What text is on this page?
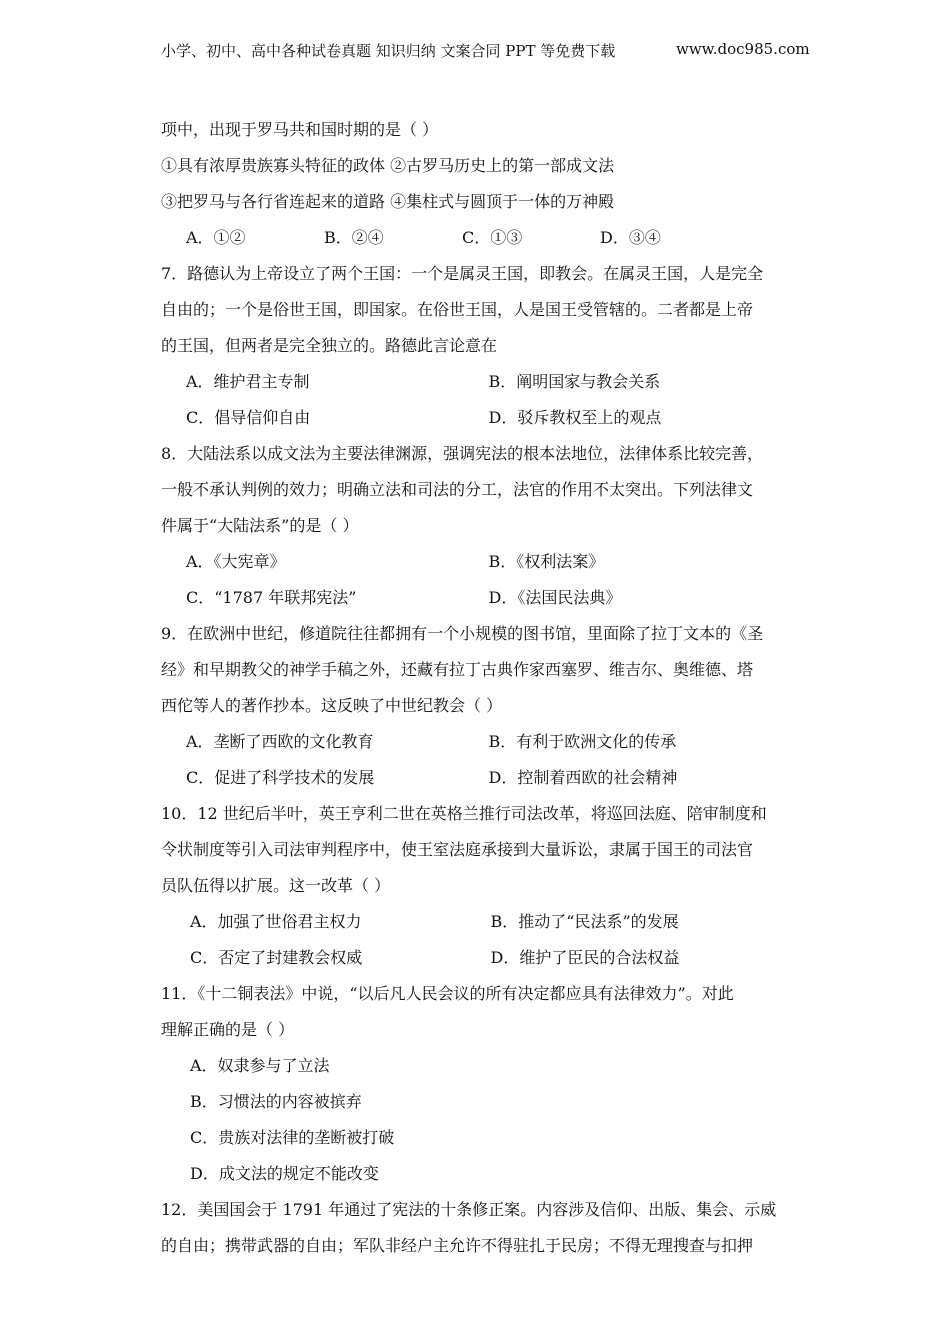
小学、初中、高中各种试卷真题 知识归纳 文案合同 PPT 等免费下载	www.doc985.com

项中，出现于罗马共和国时期的是（ ）

①具有浓厚贵族寡头特征的政体 ②古罗马历史上的第一部成文法

③把罗马与各行省连起来的道路 ④集柱式与圆顶于一体的万神殿

A．①②	B．②④	C．①③	D．③④

7．路德认为上帝设立了两个王国：一个是属灵王国，即教会。在属灵王国，人是完全

自由的；一个是俗世王国，即国家。在俗世王国，人是国王受管辖的。二者都是上帝

的王国，但两者是完全独立的。路德此言论意在

A．维护君主专制	B．阐明国家与教会关系
C．倡导信仰自由	D．驳斥教权至上的观点

8．大陆法系以成文法为主要法律渊源，强调宪法的根本法地位，法律体系比较完善，

一般不承认判例的效力；明确立法和司法的分工，法官的作用不太突出。下列法律文

件属于“大陆法系”的是（ ）

A．《大宪章》	B．《权利法案》
C．“1787 年联邦宪法”	D．《法国民法典》

9．在欧洲中世纪，修道院往往都拥有一个小规模的图书馆，里面除了拉丁文本的《圣

经》和早期教父的神学手稿之外，还藏有拉丁古典作家西塞罗、维吉尔、奥维德、塔

西佗等人的著作抄本。这反映了中世纪教会（ ）

A．垄断了西欧的文化教育	B．有利于欧洲文化的传承
C．促进了科学技术的发展	D．控制着西欧的社会精神

10．12 世纪后半叶，英王亨利二世在英格兰推行司法改革，将巡回法庭、陪审制度和

令状制度等引入司法审判程序中，使王室法庭承接到大量诉讼，隶属于国王的司法官

员队伍得以扩展。这一改革（ ）

A．加强了世俗君主权力	B．推动了“民法系”的发展
C．否定了封建教会权威	D．维护了臣民的合法权益

11．《十二铜表法》中说，“以后凡人民会议的所有决定都应具有法律效力”。对此

理解正确的是（ ）

A．奴隶参与了立法

B．习惯法的内容被摈弃

C．贵族对法律的垄断被打破

D．成文法的规定不能改变

12．美国国会于 1791 年通过了宪法的十条修正案。内容涉及信仰、出版、集会、示威

的自由；携带武器的自由；军队非经户主允许不得驻扎于民房；不得无理搜查与扣押
